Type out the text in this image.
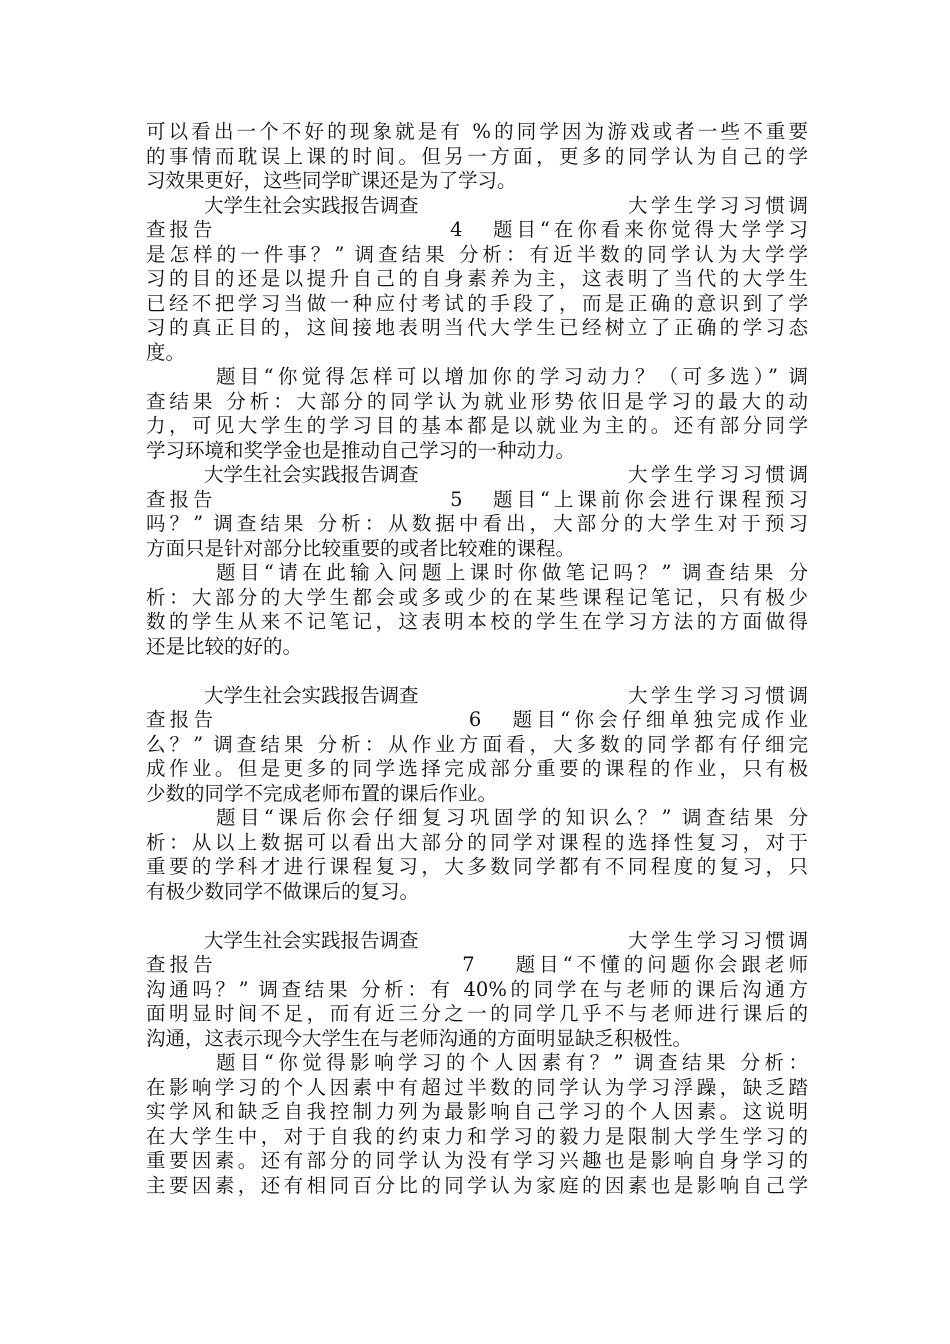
可以看出一个不好的现象就是有 %的同学因为游戏或者一些不重要
的事情而耽误上课的时间。但另一方面，更多的同学认为自己的学
习效果更好，这些同学旷课还是为了学习。
大学生社会实践报告调查	大学生学习习惯调
查报告                       4   题目“在你看来你觉得大学学习
是怎样的一件事？” 调查结果 分析：有近半数的同学认为大学学
习的目的还是以提升自己的自身素养为主，这表明了当代的大学生
已经不把学习当做一种应付考试的手段了，而是正确的意识到了学
习的真正目的，这间接地表明当代大学生已经树立了正确的学习态
度。
题目“你觉得怎样可以增加你的学习动力？（可多选）” 调
查结果 分析：大部分的同学认为就业形势依旧是学习的最大的动
力，可见大学生的学习目的基本都是以就业为主的。还有部分同学
学习环境和奖学金也是推动自己学习的一种动力。
大学生社会实践报告调查	大学生学习习惯调
查报告                       5   题目“上课前你会进行课程预习
吗？” 调查结果 分析：从数据中看出，大部分的大学生对于预习
方面只是针对部分比较重要的或者比较难的课程。
题目“请在此输入问题上课时你做笔记吗？” 调查结果 分
析：大部分的大学生都会或多或少的在某些课程记笔记，只有极少
数的学生从来不记笔记，这表明本校的学生在学习方法的方面做得
还是比较的好的。
大学生社会实践报告调查	大学生学习习惯调
查报告                        6   题目“你会仔细单独完成作业
么？” 调查结果 分析：从作业方面看，大多数的同学都有仔细完
成作业。但是更多的同学选择完成部分重要的课程的作业，只有极
少数的同学不完成老师布置的课后作业。
题目“课后你会仔细复习巩固学的知识么？” 调查结果 分
析：从以上数据可以看出大部分的同学对课程的选择性复习，对于
重要的学科才进行课程复习，大多数同学都有不同程度的复习，只
有极少数同学不做课后的复习。
大学生社会实践报告调查	大学生学习习惯调
查报告                        7    题目“不懂的问题你会跟老师
沟通吗？” 调查结果 分析：有 40%的同学在与老师的课后沟通方
面明显时间不足，而有近三分之一的同学几乎不与老师进行课后的
沟通，这表示现今大学生在与老师沟通的方面明显缺乏积极性。
题目“你觉得影响学习的个人因素有？” 调查结果 分析：
在影响学习的个人因素中有超过半数的同学认为学习浮躁，缺乏踏
实学风和缺乏自我控制力列为最影响自己学习的个人因素。这说明
在大学生中，对于自我的约束力和学习的毅力是限制大学生学习的
重要因素。还有部分的同学认为没有学习兴趣也是影响自身学习的
主要因素，还有相同百分比的同学认为家庭的因素也是影响自己学
